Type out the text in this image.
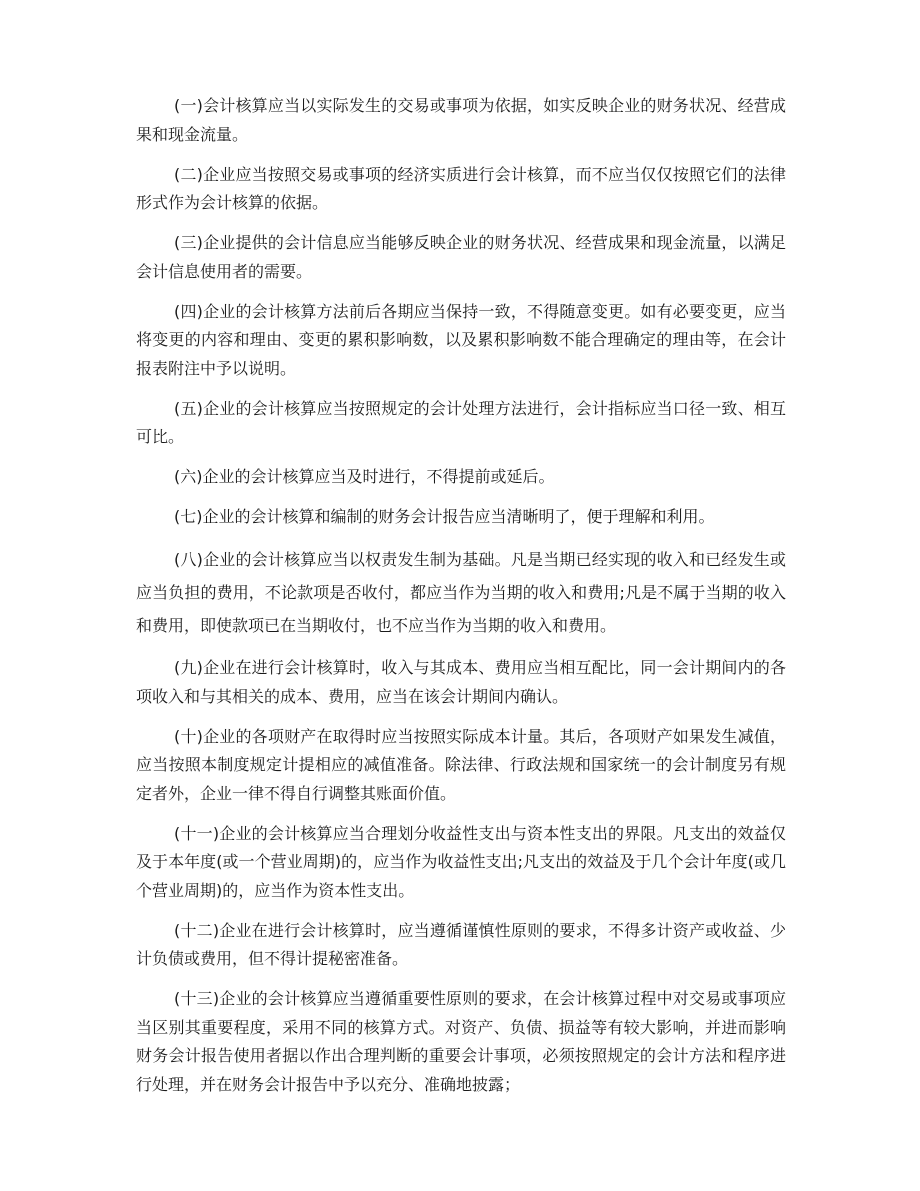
(一)会计核算应当以实际发生的交易或事项为依据，如实反映企业的财务状况、经营成果和现金流量。

(二)企业应当按照交易或事项的经济实质进行会计核算，而不应当仅仅按照它们的法律形式作为会计核算的依据。

(三)企业提供的会计信息应当能够反映企业的财务状况、经营成果和现金流量，以满足会计信息使用者的需要。

(四)企业的会计核算方法前后各期应当保持一致，不得随意变更。如有必要变更，应当将变更的内容和理由、变更的累积影响数，以及累积影响数不能合理确定的理由等，在会计报表附注中予以说明。

(五)企业的会计核算应当按照规定的会计处理方法进行，会计指标应当口径一致、相互可比。

(六)企业的会计核算应当及时进行，不得提前或延后。

(七)企业的会计核算和编制的财务会计报告应当清晰明了，便于理解和利用。

(八)企业的会计核算应当以权责发生制为基础。凡是当期已经实现的收入和已经发生或应当负担的费用，不论款项是否收付，都应当作为当期的收入和费用;凡是不属于当期的收入和费用，即使款项已在当期收付，也不应当作为当期的收入和费用。

(九)企业在进行会计核算时，收入与其成本、费用应当相互配比，同一会计期间内的各项收入和与其相关的成本、费用，应当在该会计期间内确认。

(十)企业的各项财产在取得时应当按照实际成本计量。其后，各项财产如果发生减值，应当按照本制度规定计提相应的减值准备。除法律、行政法规和国家统一的会计制度另有规定者外，企业一律不得自行调整其账面价值。

(十一)企业的会计核算应当合理划分收益性支出与资本性支出的界限。凡支出的效益仅及于本年度(或一个营业周期)的，应当作为收益性支出;凡支出的效益及于几个会计年度(或几个营业周期)的，应当作为资本性支出。

(十二)企业在进行会计核算时，应当遵循谨慎性原则的要求，不得多计资产或收益、少计负债或费用，但不得计提秘密准备。

(十三)企业的会计核算应当遵循重要性原则的要求，在会计核算过程中对交易或事项应当区别其重要程度，采用不同的核算方式。对资产、负债、损益等有较大影响，并进而影响财务会计报告使用者据以作出合理判断的重要会计事项，必须按照规定的会计方法和程序进行处理，并在财务会计报告中予以充分、准确地披露；
